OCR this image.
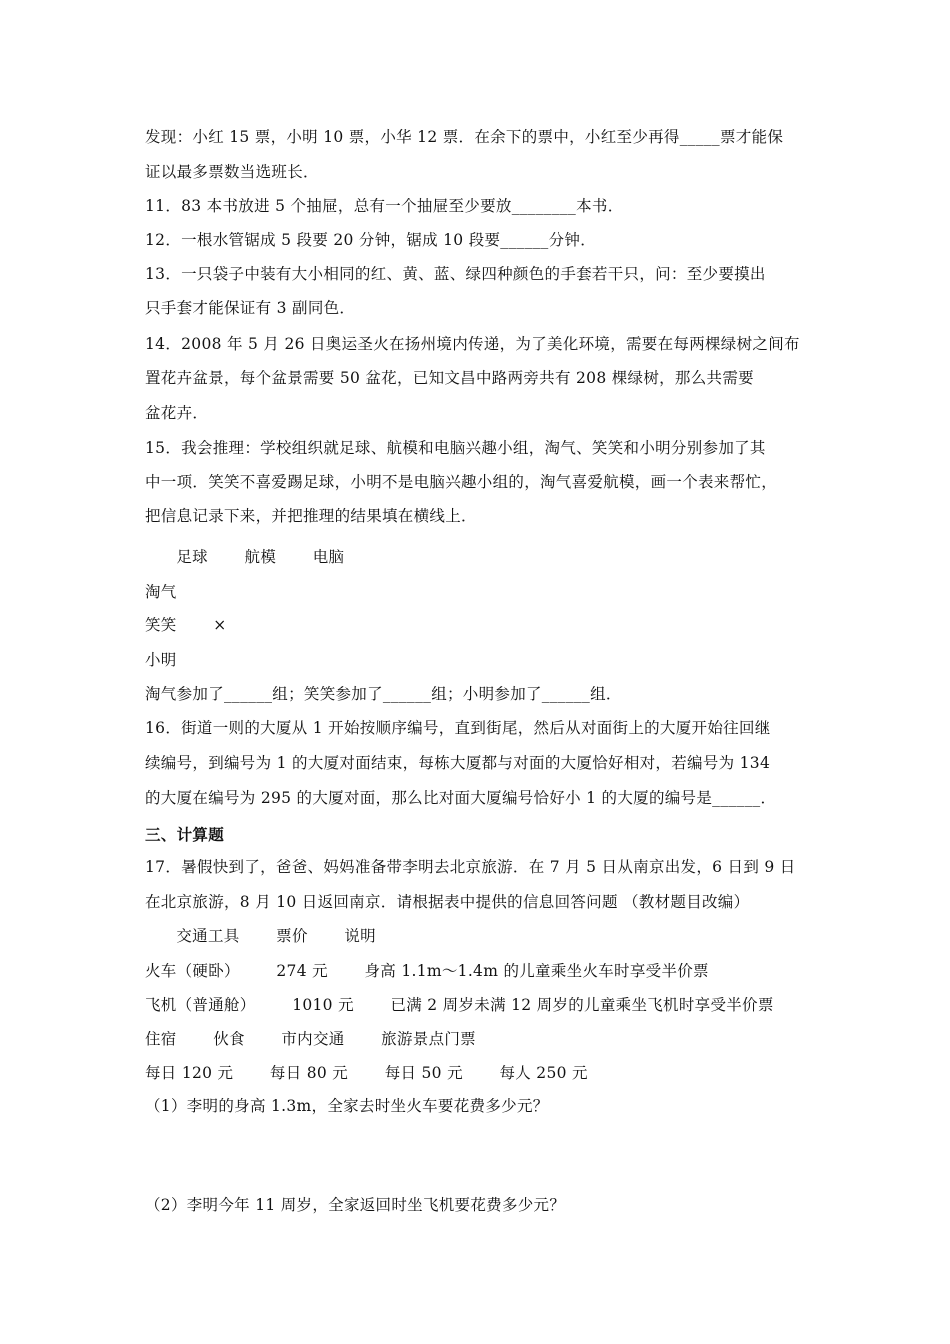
发现：小红 15 票，小明 10 票，小华 12 票．在余下的票中，小红至少再得_____票才能保
证以最多票数当选班长．
11．83 本书放进 5 个抽屉，总有一个抽屉至少要放________本书．
12．一根水管锯成 5 段要 20 分钟，锯成 10 段要______分钟．
13．一只袋子中装有大小相同的红、黄、蓝、绿四种颜色的手套若干只，问：至少要摸出
只手套才能保证有 3 副同色．
14．2008 年 5 月 26 日奥运圣火在扬州境内传递，为了美化环境，需要在每两棵绿树之间布
置花卉盆景，每个盆景需要 50 盆花，已知文昌中路两旁共有 208 棵绿树，那么共需要
盆花卉．
15．我会推理：学校组织就足球、航模和电脑兴趣小组，淘气、笑笑和小明分别参加了其
中一项．笑笑不喜爱踢足球，小明不是电脑兴趣小组的，淘气喜爱航模，画一个表来帮忙，
把信息记录下来，并把推理的结果填在横线上．
足球       航模       电脑
淘气
笑笑       ×
小明
淘气参加了______组；笑笑参加了______组；小明参加了______组．
16．街道一则的大厦从 1 开始按顺序编号，直到街尾，然后从对面街上的大厦开始往回继
续编号，到编号为 1 的大厦对面结束，每栋大厦都与对面的大厦恰好相对，若编号为 134
的大厦在编号为 295 的大厦对面，那么比对面大厦编号恰好小 1 的大厦的编号是______．
三、计算题
17．暑假快到了，爸爸、妈妈准备带李明去北京旅游．在 7 月 5 日从南京出发，6 日到 9 日
在北京旅游，8 月 10 日返回南京．请根据表中提供的信息回答问题 （教材题目改编）
交通工具       票价       说明
火车（硬卧）       274 元       身高 1.1m～1.4m 的儿童乘坐火车时享受半价票
飞机（普通舱）       1010 元       已满 2 周岁未满 12 周岁的儿童乘坐飞机时享受半价票
住宿       伙食       市内交通       旅游景点门票
每日 120 元       每日 80 元       每日 50 元       每人 250 元
（1）李明的身高 1.3m，全家去时坐火车要花费多少元？
（2）李明今年 11 周岁，全家返回时坐飞机要花费多少元？
